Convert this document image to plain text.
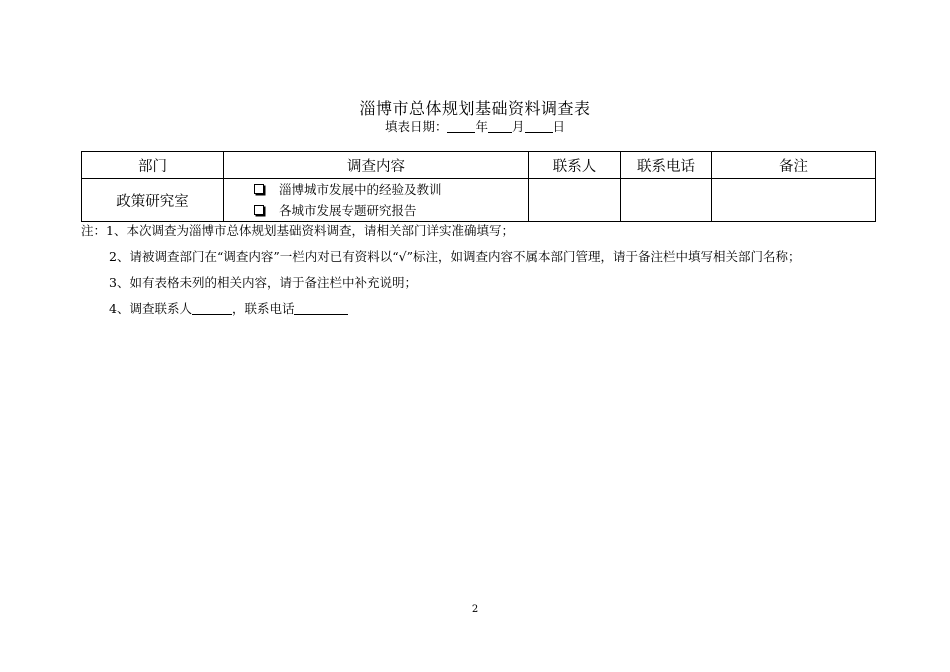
淄博市总体规划基础资料调查表
填表日期： 年 月 日
部门	调查内容	联系人	联系电话	备注
政策研究室	淄博城市发展中的经验及教训
各城市发展专题研究报告			

注：1、本次调查为淄博市总体规划基础资料调查，请相关部门详实准确填写；
2、请被调查部门在“调查内容”一栏内对已有资料以“√”标注，如调查内容不属本部门管理，请于备注栏中填写相关部门名称；
3、如有表格未列的相关内容，请于备注栏中补充说明；
4、调查联系人	，联系电话
2
